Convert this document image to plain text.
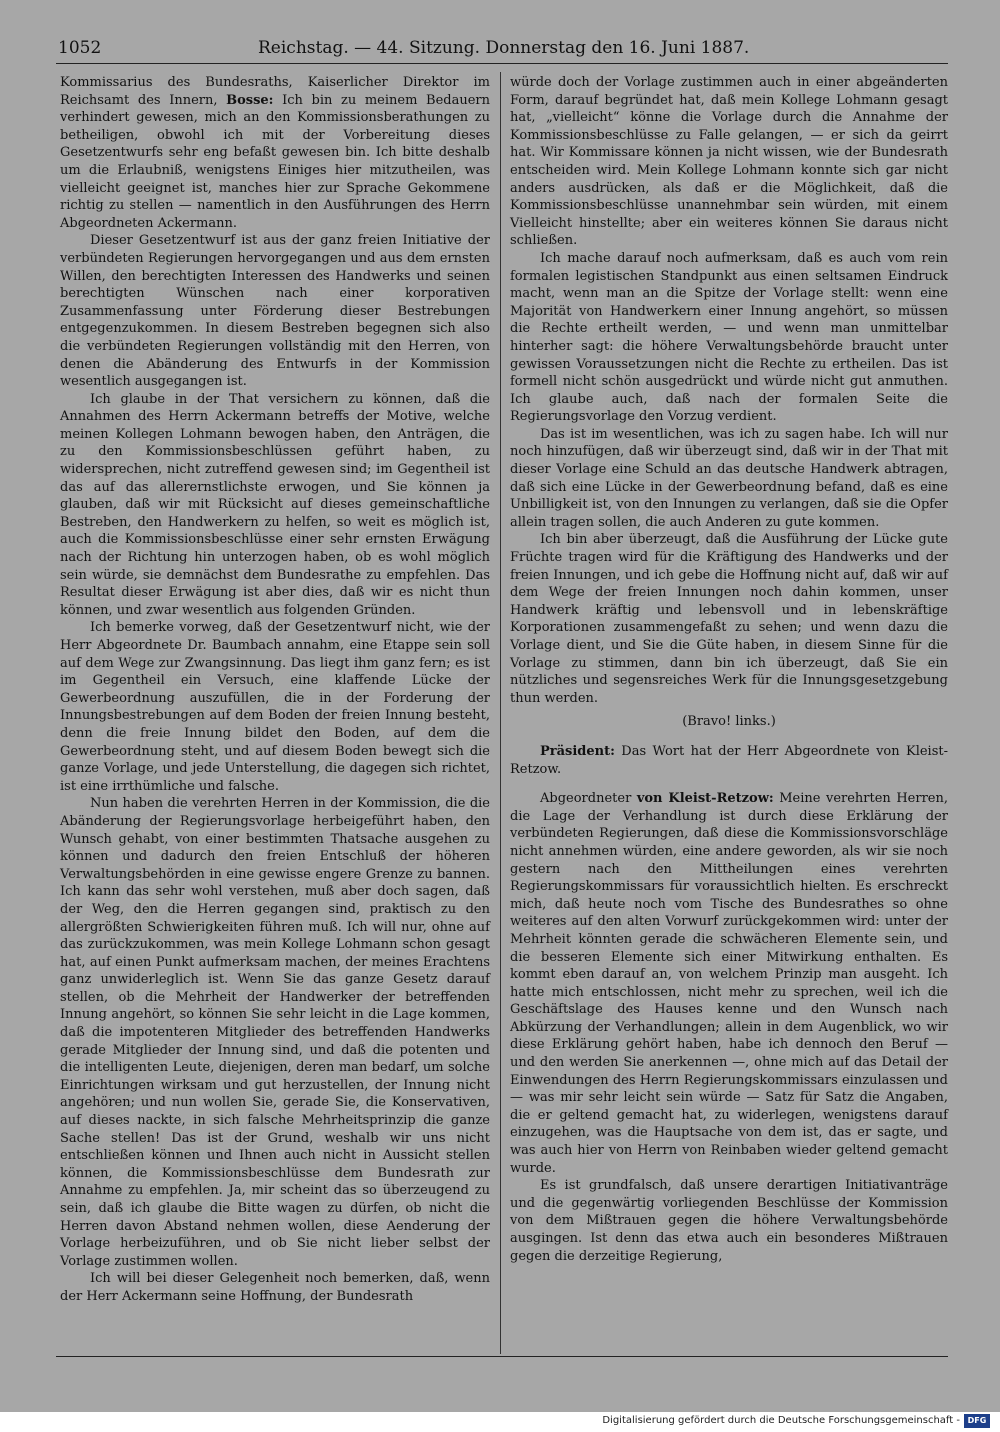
1052	Reichstag. — 44. Sitzung. Donnerstag den 16. Juni 1887.

Kommissarius des Bundesraths, Kaiserlicher Direktor im Reichsamt des Innern, Bosse: Ich bin zu meinem Bedauern verhindert gewesen, mich an den Kommissionsberathungen zu betheiligen, obwohl ich mit der Vorbereitung dieses Gesetzentwurfs sehr eng befaßt gewesen bin. Ich bitte deshalb um die Erlaubniß, wenigstens Einiges hier mitzutheilen, was vielleicht geeignet ist, manches hier zur Sprache Gekommene richtig zu stellen — namentlich in den Ausführungen des Herrn Abgeordneten Ackermann.

Dieser Gesetzentwurf ist aus der ganz freien Initiative der verbündeten Regierungen hervorgegangen und aus dem ernsten Willen, den berechtigten Interessen des Handwerks und seinen berechtigten Wünschen nach einer korporativen Zusammenfassung unter Förderung dieser Bestrebungen entgegenzukommen. In diesem Bestreben begegnen sich also die verbündeten Regierungen vollständig mit den Herren, von denen die Abänderung des Entwurfs in der Kommission wesentlich ausgegangen ist.

Ich glaube in der That versichern zu können, daß die Annahmen des Herrn Ackermann betreffs der Motive, welche meinen Kollegen Lohmann bewogen haben, den Anträgen, die zu den Kommissionsbeschlüssen geführt haben, zu widersprechen, nicht zutreffend gewesen sind; im Gegentheil ist das auf das allerernstlichste erwogen, und Sie können ja glauben, daß wir mit Rücksicht auf dieses gemeinschaftliche Bestreben, den Handwerkern zu helfen, so weit es möglich ist, auch die Kommissionsbeschlüsse einer sehr ernsten Erwägung nach der Richtung hin unterzogen haben, ob es wohl möglich sein würde, sie demnächst dem Bundesrathe zu empfehlen. Das Resultat dieser Erwägung ist aber dies, daß wir es nicht thun können, und zwar wesentlich aus folgenden Gründen.

Ich bemerke vorweg, daß der Gesetzentwurf nicht, wie der Herr Abgeordnete Dr. Baumbach annahm, eine Etappe sein soll auf dem Wege zur Zwangsinnung. Das liegt ihm ganz fern; es ist im Gegentheil ein Versuch, eine klaffende Lücke der Gewerbeordnung auszufüllen, die in der Forderung der Innungsbestrebungen auf dem Boden der freien Innung besteht, denn die freie Innung bildet den Boden, auf dem die Gewerbeordnung steht, und auf diesem Boden bewegt sich die ganze Vorlage, und jede Unterstellung, die dagegen sich richtet, ist eine irrthümliche und falsche.

Nun haben die verehrten Herren in der Kommission, die die Abänderung der Regierungsvorlage herbeigeführt haben, den Wunsch gehabt, von einer bestimmten Thatsache ausgehen zu können und dadurch den freien Entschluß der höheren Verwaltungsbehörden in eine gewisse engere Grenze zu bannen. Ich kann das sehr wohl verstehen, muß aber doch sagen, daß der Weg, den die Herren gegangen sind, praktisch zu den allergrößten Schwierigkeiten führen muß. Ich will nur, ohne auf das zurückzukommen, was mein Kollege Lohmann schon gesagt hat, auf einen Punkt aufmerksam machen, der meines Erachtens ganz unwiderleglich ist. Wenn Sie das ganze Gesetz darauf stellen, ob die Mehrheit der Handwerker der betreffenden Innung angehört, so können Sie sehr leicht in die Lage kommen, daß die impotenteren Mitglieder des betreffenden Handwerks gerade Mitglieder der Innung sind, und daß die potenten und die intelligenten Leute, diejenigen, deren man bedarf, um solche Einrichtungen wirksam und gut herzustellen, der Innung nicht angehören; und nun wollen Sie, gerade Sie, die Konservativen, auf dieses nackte, in sich falsche Mehrheitsprinzip die ganze Sache stellen! Das ist der Grund, weshalb wir uns nicht entschließen können und Ihnen auch nicht in Aussicht stellen können, die Kommissionsbeschlüsse dem Bundesrath zur Annahme zu empfehlen. Ja, mir scheint das so überzeugend zu sein, daß ich glaube die Bitte wagen zu dürfen, ob nicht die Herren davon Abstand nehmen wollen, diese Aenderung der Vorlage herbeizuführen, und ob Sie nicht lieber selbst der Vorlage zustimmen wollen.

Ich will bei dieser Gelegenheit noch bemerken, daß, wenn der Herr Ackermann seine Hoffnung, der Bundesrath

würde doch der Vorlage zustimmen auch in einer abgeänderten Form, darauf begründet hat, daß mein Kollege Lohmann gesagt hat, „vielleicht“ könne die Vorlage durch die Annahme der Kommissionsbeschlüsse zu Falle gelangen, — er sich da geirrt hat. Wir Kommissare können ja nicht wissen, wie der Bundesrath entscheiden wird. Mein Kollege Lohmann konnte sich gar nicht anders ausdrücken, als daß er die Möglichkeit, daß die Kommissionsbeschlüsse unannehmbar sein würden, mit einem Vielleicht hinstellte; aber ein weiteres können Sie daraus nicht schließen.

Ich mache darauf noch aufmerksam, daß es auch vom rein formalen legistischen Standpunkt aus einen seltsamen Eindruck macht, wenn man an die Spitze der Vorlage stellt: wenn eine Majorität von Handwerkern einer Innung angehört, so müssen die Rechte ertheilt werden, — und wenn man unmittelbar hinterher sagt: die höhere Verwaltungsbehörde braucht unter gewissen Voraussetzungen nicht die Rechte zu ertheilen. Das ist formell nicht schön ausgedrückt und würde nicht gut anmuthen. Ich glaube auch, daß nach der formalen Seite die Regierungsvorlage den Vorzug verdient.

Das ist im wesentlichen, was ich zu sagen habe. Ich will nur noch hinzufügen, daß wir überzeugt sind, daß wir in der That mit dieser Vorlage eine Schuld an das deutsche Handwerk abtragen, daß sich eine Lücke in der Gewerbeordnung befand, daß es eine Unbilligkeit ist, von den Innungen zu verlangen, daß sie die Opfer allein tragen sollen, die auch Anderen zu gute kommen.

Ich bin aber überzeugt, daß die Ausführung der Lücke gute Früchte tragen wird für die Kräftigung des Handwerks und der freien Innungen, und ich gebe die Hoffnung nicht auf, daß wir auf dem Wege der freien Innungen noch dahin kommen, unser Handwerk kräftig und lebensvoll und in lebenskräftige Korporationen zusammengefaßt zu sehen; und wenn dazu die Vorlage dient, und Sie die Güte haben, in diesem Sinne für die Vorlage zu stimmen, dann bin ich überzeugt, daß Sie ein nützliches und segensreiches Werk für die Innungsgesetzgebung thun werden.

(Bravo! links.)

Präsident: Das Wort hat der Herr Abgeordnete von Kleist-Retzow.

Abgeordneter von Kleist-Retzow: Meine verehrten Herren, die Lage der Verhandlung ist durch diese Erklärung der verbündeten Regierungen, daß diese die Kommissionsvorschläge nicht annehmen würden, eine andere geworden, als wir sie noch gestern nach den Mittheilungen eines verehrten Regierungskommissars für voraussichtlich hielten. Es erschreckt mich, daß heute noch vom Tische des Bundesrathes so ohne weiteres auf den alten Vorwurf zurückgekommen wird: unter der Mehrheit könnten gerade die schwächeren Elemente sein, und die besseren Elemente sich einer Mitwirkung enthalten. Es kommt eben darauf an, von welchem Prinzip man ausgeht. Ich hatte mich entschlossen, nicht mehr zu sprechen, weil ich die Geschäftslage des Hauses kenne und den Wunsch nach Abkürzung der Verhandlungen; allein in dem Augenblick, wo wir diese Erklärung gehört haben, habe ich dennoch den Beruf — und den werden Sie anerkennen —, ohne mich auf das Detail der Einwendungen des Herrn Regierungskommissars einzulassen und — was mir sehr leicht sein würde — Satz für Satz die Angaben, die er geltend gemacht hat, zu widerlegen, wenigstens darauf einzugehen, was die Hauptsache von dem ist, das er sagte, und was auch hier von Herrn von Reinbaben wieder geltend gemacht wurde.

Es ist grundfalsch, daß unsere derartigen Initiativanträge und die gegenwärtig vorliegenden Beschlüsse der Kommission von dem Mißtrauen gegen die höhere Verwaltungsbehörde ausgingen. Ist denn das etwa auch ein besonderes Mißtrauen gegen die derzeitige Regierung,

Digitalisierung gefördert durch die Deutsche Forschungsgemeinschaft - DFG
